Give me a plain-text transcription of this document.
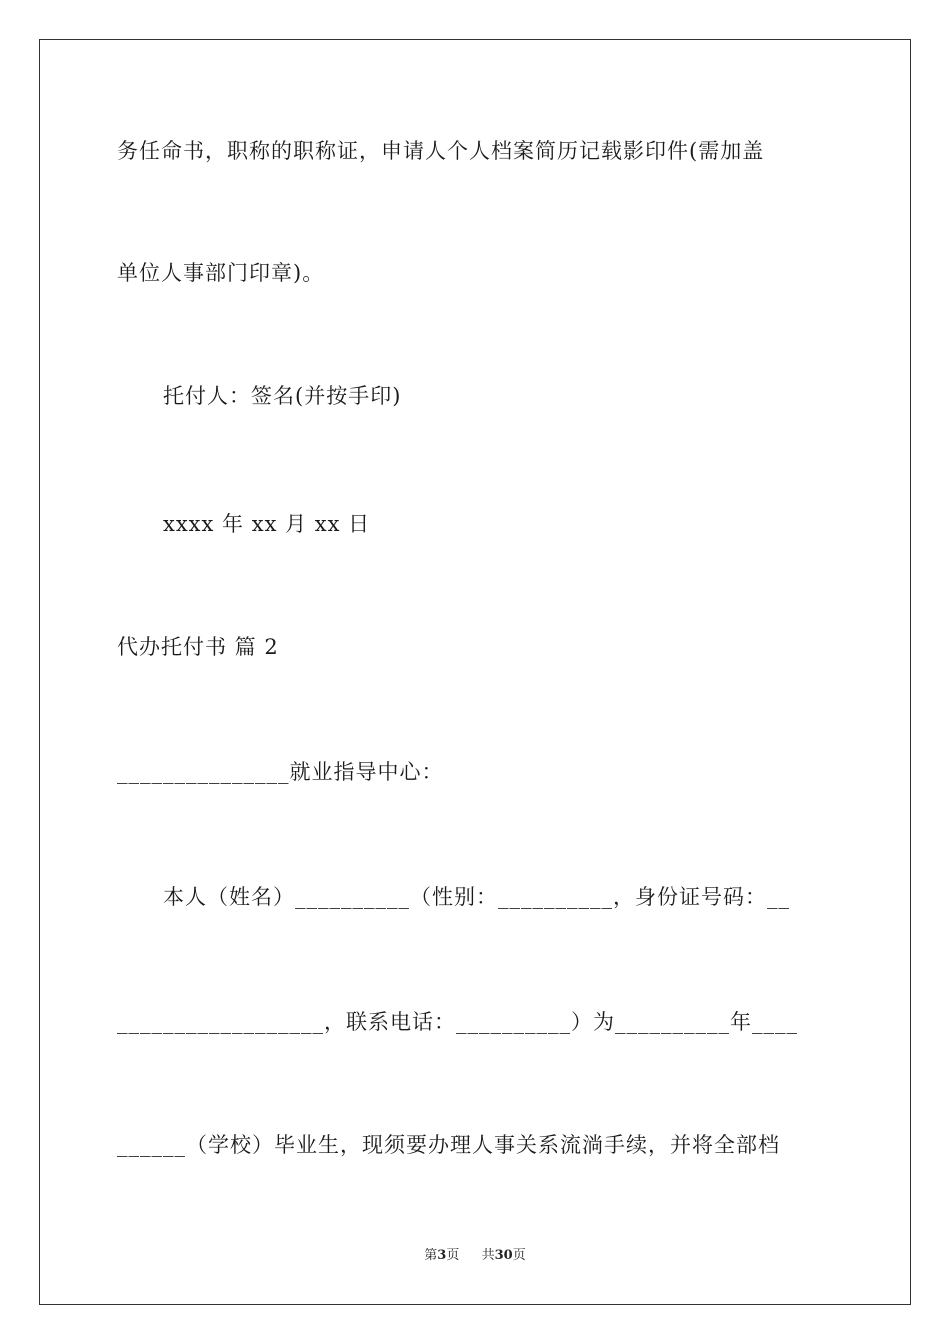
务任命书，职称的职称证，申请人个人档案简历记载影印件(需加盖
单位人事部门印章)。
托付人：签名(并按手印)
xxxx 年 xx 月 xx 日
代办托付书 篇 2
_______________就业指导中心：
本人（姓名）__________（性别：__________，身份证号码：__
__________________，联系电话：__________）为__________年____
______（学校）毕业生，现须要办理人事关系流淌手续，并将全部档
第3页 共30页
